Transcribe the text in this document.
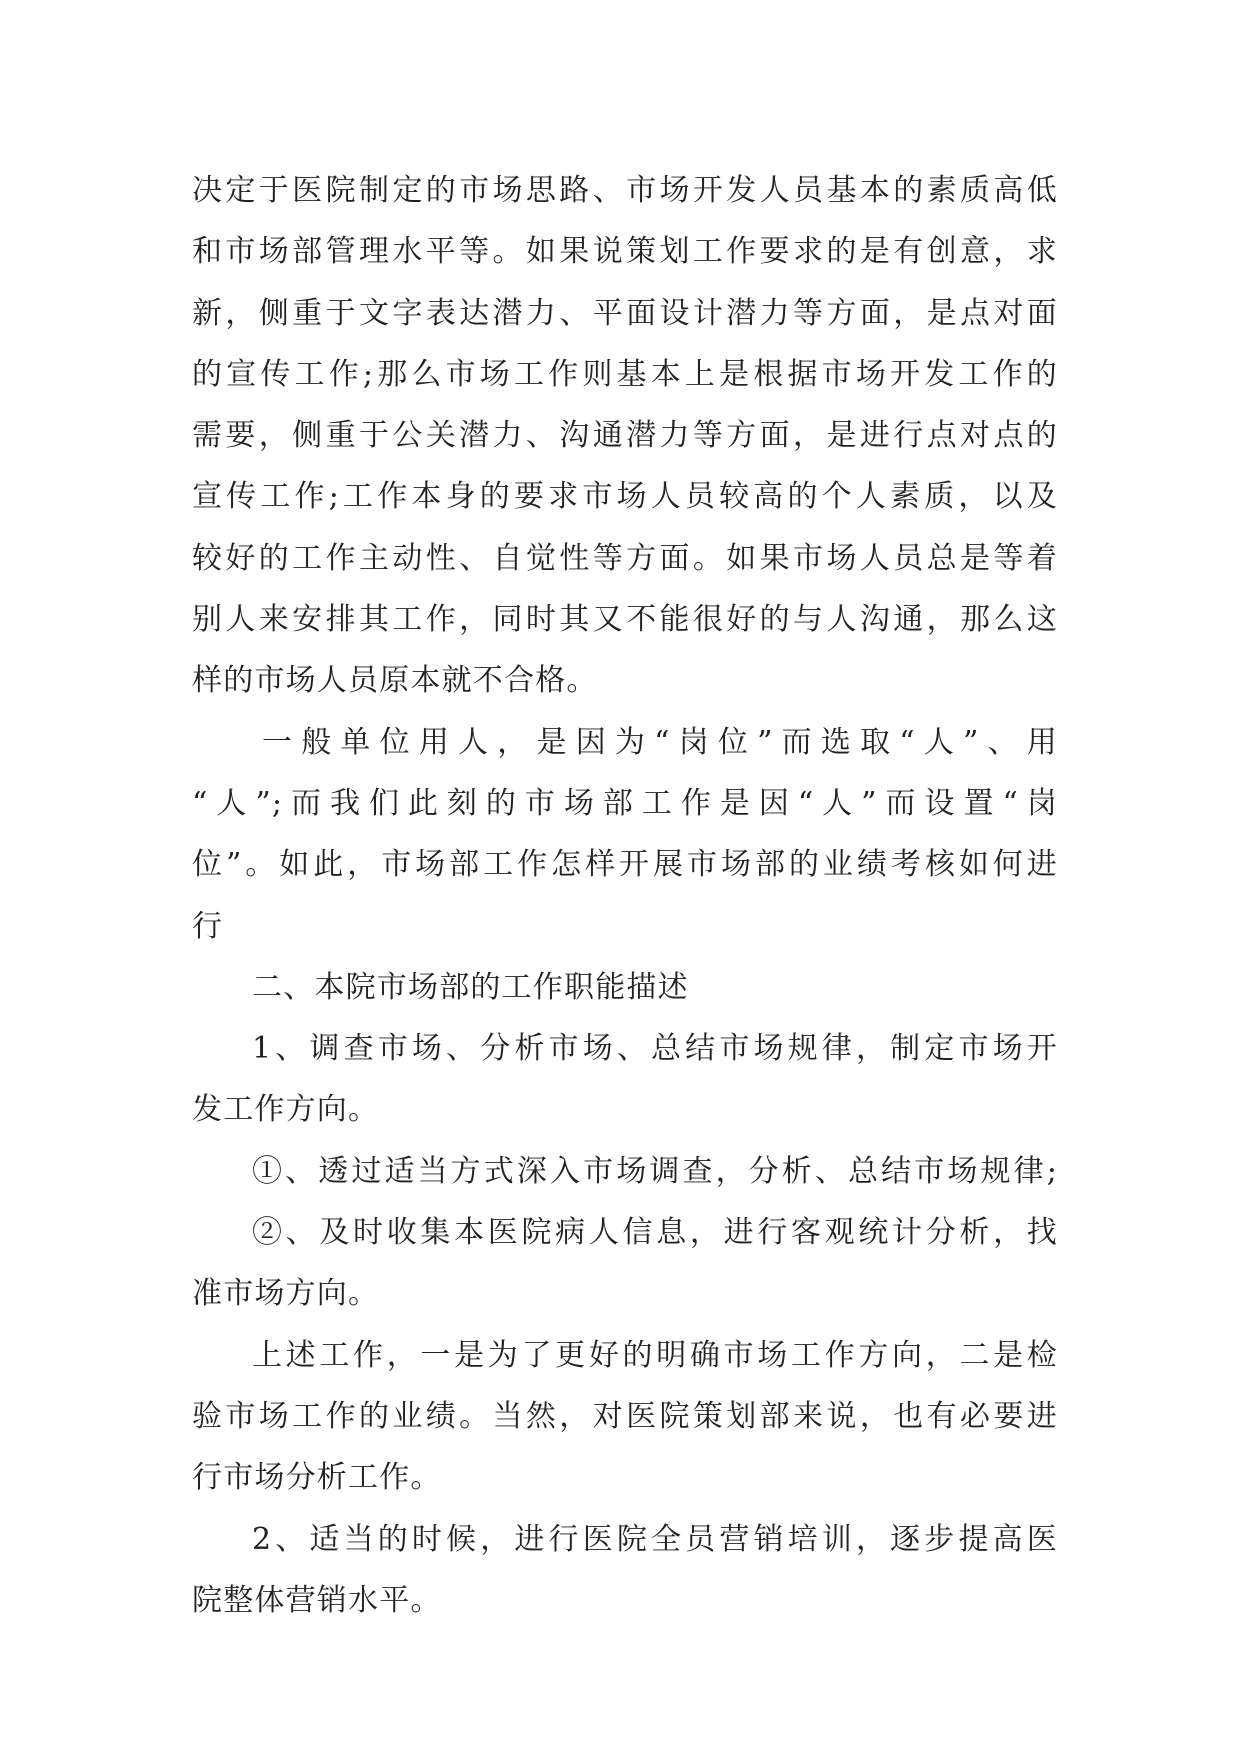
决定于医院制定的市场思路、市场开发人员基本的素质高低
和市场部管理水平等。如果说策划工作要求的是有创意，求
新，侧重于文字表达潜力、平面设计潜力等方面，是点对面
的宣传工作;那么市场工作则基本上是根据市场开发工作的
需要，侧重于公关潜力、沟通潜力等方面，是进行点对点的
宣传工作;工作本身的要求市场人员较高的个人素质，以及
较好的工作主动性、自觉性等方面。如果市场人员总是等着
别人来安排其工作，同时其又不能很好的与人沟通，那么这
样的市场人员原本就不合格。
一般单位用人，是因为“岗位”而选取“人”、用
“人”;而我们此刻的市场部工作是因“人”而设置“岗
位”。如此，市场部工作怎样开展市场部的业绩考核如何进
行
二、本院市场部的工作职能描述
1、调查市场、分析市场、总结市场规律，制定市场开
发工作方向。
①、透过适当方式深入市场调查，分析、总结市场规律;
②、及时收集本医院病人信息，进行客观统计分析，找
准市场方向。
上述工作，一是为了更好的明确市场工作方向，二是检
验市场工作的业绩。当然，对医院策划部来说，也有必要进
行市场分析工作。
2、适当的时候，进行医院全员营销培训，逐步提高医
院整体营销水平。
